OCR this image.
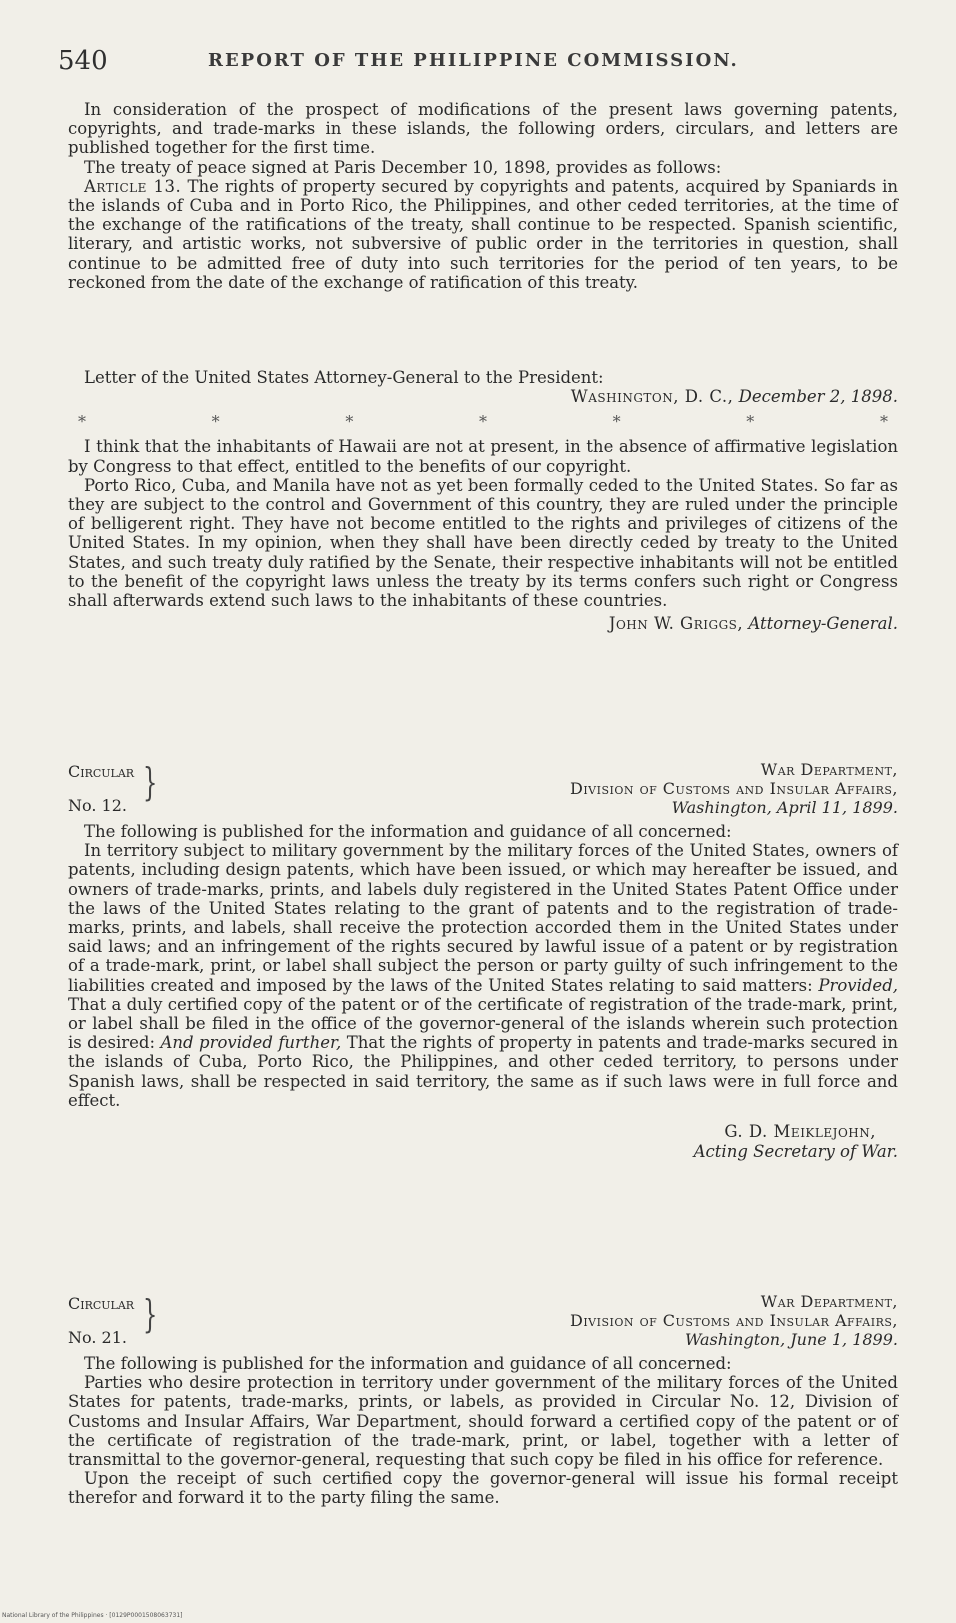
540	REPORT OF THE PHILIPPINE COMMISSION.

In consideration of the prospect of modifications of the present laws governing patents, copyrights, and trade-marks in these islands, the following orders, circulars, and letters are published together for the first time.

The treaty of peace signed at Paris December 10, 1898, provides as follows:

Article 13. The rights of property secured by copyrights and patents, acquired by Spaniards in the islands of Cuba and in Porto Rico, the Philippines, and other ceded territories, at the time of the exchange of the ratifications of the treaty, shall continue to be respected. Spanish scientific, literary, and artistic works, not subversive of public order in the territories in question, shall continue to be admitted free of duty into such territories for the period of ten years, to be reckoned from the date of the exchange of ratification of this treaty.

Letter of the United States Attorney-General to the President:

Washington, D. C., December 2, 1898.

*	*	*	*	*	*	*

I think that the inhabitants of Hawaii are not at present, in the absence of affirmative legislation by Congress to that effect, entitled to the benefits of our copyright.

Porto Rico, Cuba, and Manila have not as yet been formally ceded to the United States. So far as they are subject to the control and Government of this country, they are ruled under the principle of belligerent right. They have not become entitled to the rights and privileges of citizens of the United States. In my opinion, when they shall have been directly ceded by treaty to the United States, and such treaty duly ratified by the Senate, their respective inhabitants will not be entitled to the benefit of the copyright laws unless the treaty by its terms confers such right or Congress shall afterwards extend such laws to the inhabitants of these countries.

John W. Griggs, Attorney-General.

Circular
No. 12.
}	War Department,
Division of Customs and Insular Affairs,
Washington, April 11, 1899.

The following is published for the information and guidance of all concerned:

In territory subject to military government by the military forces of the United States, owners of patents, including design patents, which have been issued, or which may hereafter be issued, and owners of trade-marks, prints, and labels duly registered in the United States Patent Office under the laws of the United States relating to the grant of patents and to the registration of trade-marks, prints, and labels, shall receive the protection accorded them in the United States under said laws; and an infringement of the rights secured by lawful issue of a patent or by registration of a trade-mark, print, or label shall subject the person or party guilty of such infringement to the liabilities created and imposed by the laws of the United States relating to said matters: Provided, That a duly certified copy of the patent or of the certificate of registration of the trade-mark, print, or label shall be filed in the office of the governor-general of the islands wherein such protection is desired: And provided further, That the rights of property in patents and trade-marks secured in the islands of Cuba, Porto Rico, the Philippines, and other ceded territory, to persons under Spanish laws, shall be respected in said territory, the same as if such laws were in full force and effect.

G. D. Meiklejohn,
Acting Secretary of War.
Circular
No. 21.
}	War Department,
Division of Customs and Insular Affairs,
Washington, June 1, 1899.

The following is published for the information and guidance of all concerned:

Parties who desire protection in territory under government of the military forces of the United States for patents, trade-marks, prints, or labels, as provided in Circular No. 12, Division of Customs and Insular Affairs, War Department, should forward a certified copy of the patent or of the certificate of registration of the trade-mark, print, or label, together with a letter of transmittal to the governor-general, requesting that such copy be filed in his office for reference.

Upon the receipt of such certified copy the governor-general will issue his formal receipt therefor and forward it to the party filing the same.

National Library of the Philippines · [0129P0001508063731]
